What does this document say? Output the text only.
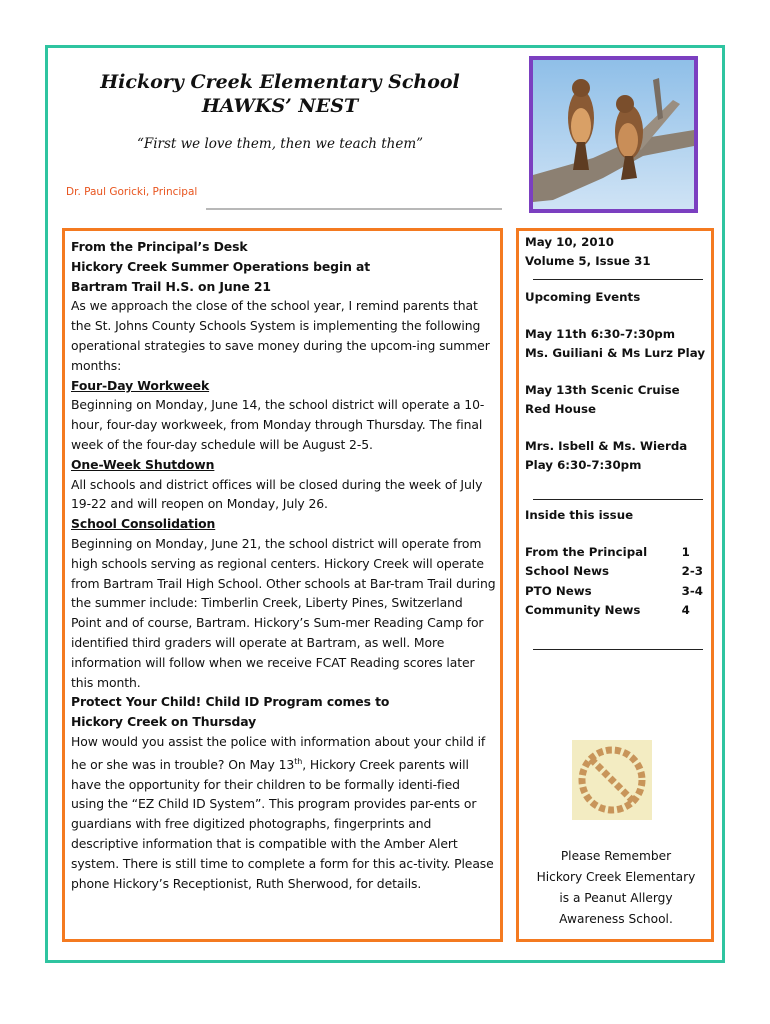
Hickory Creek Elementary School
HAWKS’ NEST
“First we love them, then we teach them”
Dr. Paul Goricki, Principal

From the Principal’s Desk

Hickory Creek Summer Operations begin at

Bartram Trail H.S. on June 21

As we approach the close of the school year, I remind parents that the St. Johns County Schools System is implementing the following operational strategies to save money during the upcom-ing summer months:

Four-Day Workweek

Beginning on Monday, June 14, the school district will operate a 10-hour, four-day workweek, from Monday through Thursday. The final week of the four-day schedule will be August 2-5.

One-Week Shutdown

All schools and district offices will be closed during the week of July 19-22 and will reopen on Monday, July 26.

School Consolidation

Beginning on Monday, June 21, the school district will operate from high schools serving as regional centers. Hickory Creek will operate from Bartram Trail High School. Other schools at Bar-tram Trail during the summer include: Timberlin Creek, Liberty Pines, Switzerland Point and of course, Bartram. Hickory’s Sum-mer Reading Camp for identified third graders will operate at Bartram, as well. More information will follow when we receive FCAT Reading scores later this month.

Protect Your Child! Child ID Program comes to

Hickory Creek on Thursday

How would you assist the police with information about your child if he or she was in trouble? On May 13th, Hickory Creek parents will have the opportunity for their children to be formally identi-fied using the “EZ Child ID System”. This program provides par-ents or guardians with free digitized photographs, fingerprints and descriptive information that is compatible with the Amber Alert system. There is still time to complete a form for this ac-tivity. Please phone Hickory’s Receptionist, Ruth Sherwood, for details.

May 10, 2010
Volume 5, Issue 31
Upcoming Events
May 11th 6:30-7:30pm
Ms. Guiliani & Ms Lurz Play
May 13th Scenic Cruise
Red House
Mrs. Isbell & Ms. Wierda
Play 6:30-7:30pm
Inside this issue
From the Principal	1
School News	2-3
PTO News	3-4
Community News	4
Please Remember
Hickory Creek Elementary
is a Peanut Allergy
Awareness School.
